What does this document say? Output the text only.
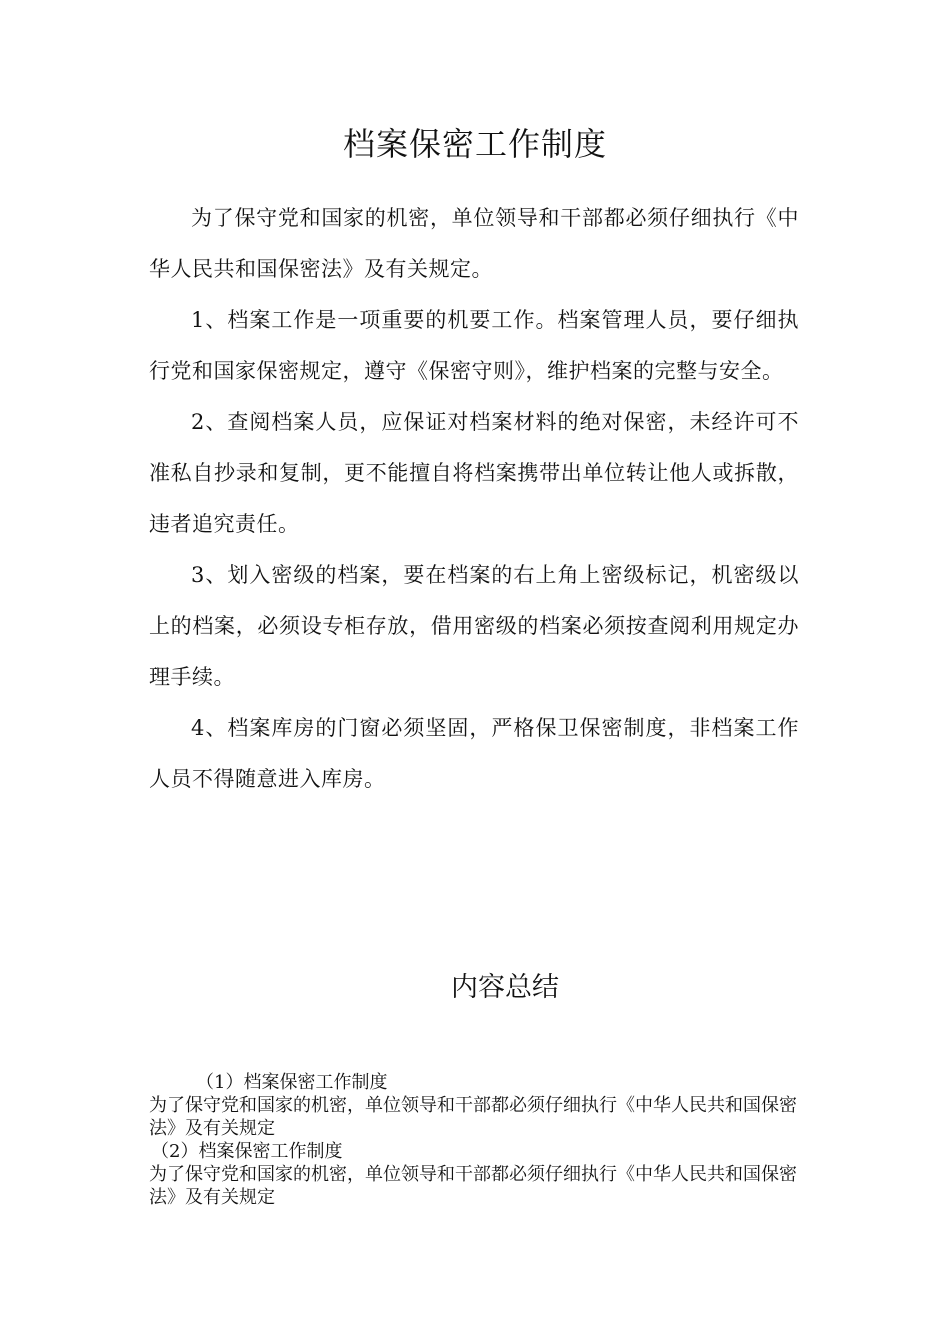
档案保密工作制度

为了保守党和国家的机密，单位领导和干部都必须仔细执行《中华人民共和国保密法》及有关规定。

1、档案工作是一项重要的机要工作。档案管理人员，要仔细执行党和国家保密规定，遵守《保密守则》，维护档案的完整与安全。

2、查阅档案人员，应保证对档案材料的绝对保密，未经许可不准私自抄录和复制，更不能擅自将档案携带出单位转让他人或拆散，违者追究责任。

3、划入密级的档案，要在档案的右上角上密级标记，机密级以上的档案，必须设专柜存放，借用密级的档案必须按查阅利用规定办理手续。

4、档案库房的门窗必须坚固，严格保卫保密制度，非档案工作人员不得随意进入库房。

内容总结

（1）档案保密工作制度

为了保守党和国家的机密，单位领导和干部都必须仔细执行《中华人民共和国保密法》及有关规定

（2）档案保密工作制度

为了保守党和国家的机密，单位领导和干部都必须仔细执行《中华人民共和国保密法》及有关规定
